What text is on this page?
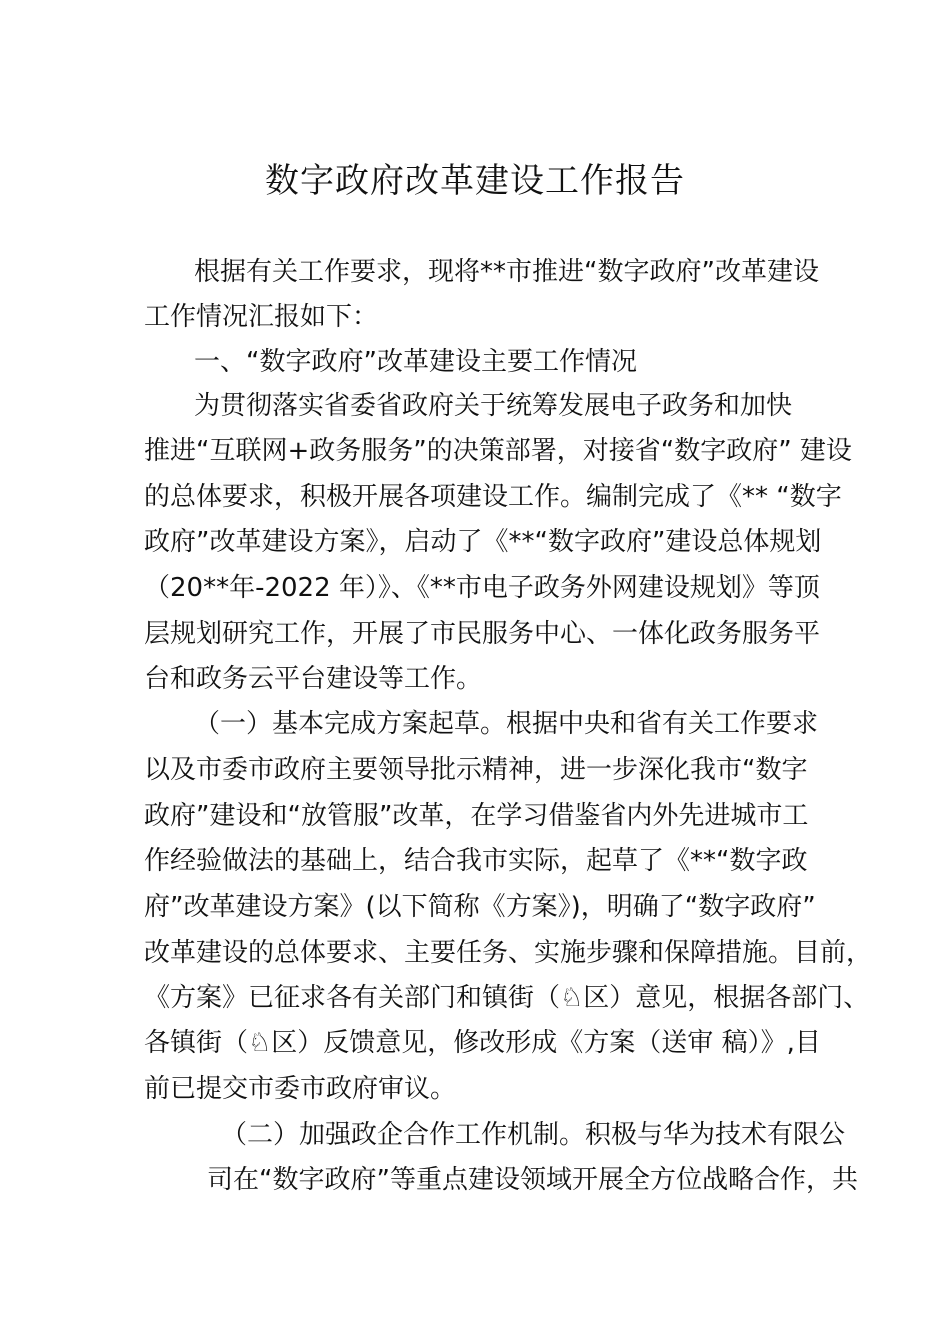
数字政府改革建设工作报告
根据有关工作要求，现将**市推进“数字政府”改革建设
工作情况汇报如下：
一、“数字政府”改革建设主要工作情况
为贯彻落实省委省政府关于统筹发展电子政务和加快
推进“互联网+政务服务”的决策部署，对接省“数字政府” 建设
的总体要求，积极开展各项建设工作。编制完成了《** “数字
政府”改革建设方案》，启动了《**“数字政府”建设总体规划
（20**年-2022 年）》、《**市电子政务外网建设规划》等顶
层规划研究工作，开展了市民服务中心、一体化政务服务平
台和政务云平台建设等工作。
（一）基本完成方案起草。根据中央和省有关工作要求
以及市委市政府主要领导批示精神，进一步深化我市“数字
政府”建设和“放管服”改革，在学习借鉴省内外先进城市工
作经验做法的基础上，结合我市实际，起草了《**“数字政
府”改革建设方案》(以下简称《方案》)，明确了“数字政府”
改革建设的总体要求、主要任务、实施步骤和保障措施。目前，
《方案》已征求各有关部门和镇街（♘区）意见，根据各部门、
各镇街（♘区）反馈意见，修改形成《方案（送审 稿）》,目
前已提交市委市政府审议。
（二）加强政企合作工作机制。积极与华为技术有限公
司在“数字政府”等重点建设领域开展全方位战略合作，共
